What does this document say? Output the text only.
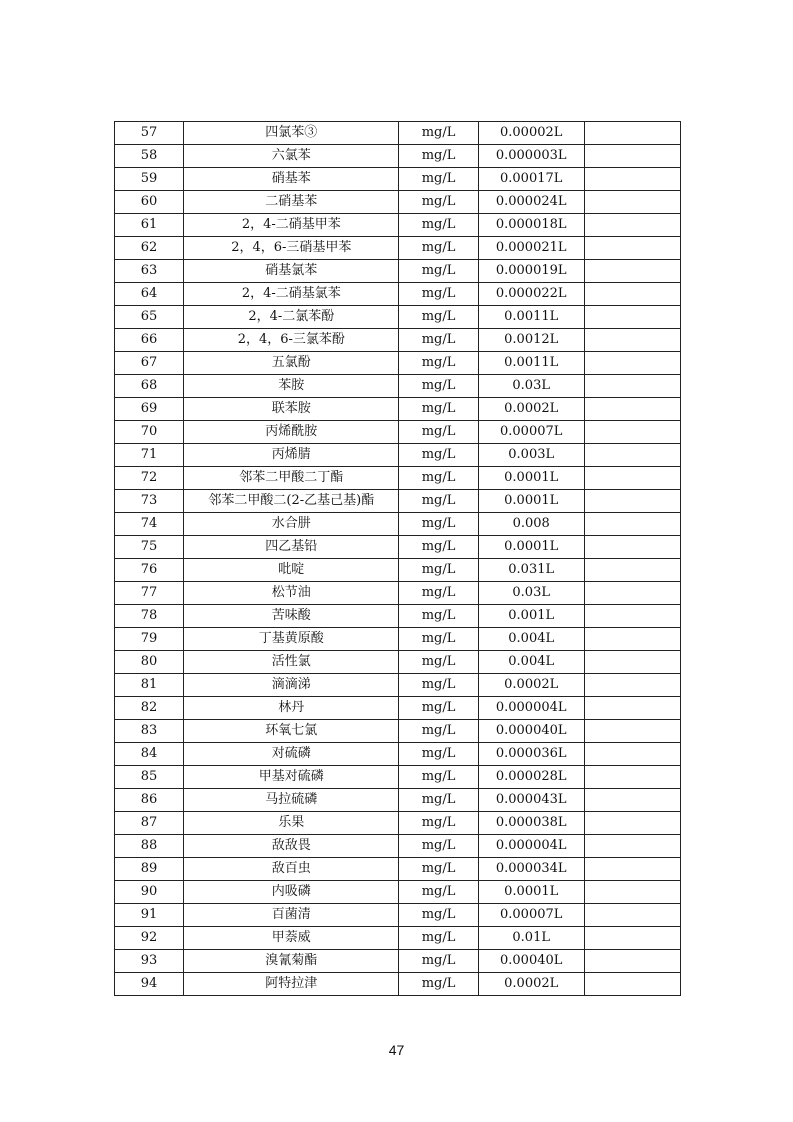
57	四氯苯③	mg/L	0.00002L	
58	六氯苯	mg/L	0.000003L	
59	硝基苯	mg/L	0.00017L	
60	二硝基苯	mg/L	0.000024L	
61	2，4-二硝基甲苯	mg/L	0.000018L	
62	2，4，6-三硝基甲苯	mg/L	0.000021L	
63	硝基氯苯	mg/L	0.000019L	
64	2，4-二硝基氯苯	mg/L	0.000022L	
65	2，4-二氯苯酚	mg/L	0.0011L	
66	2，4，6-三氯苯酚	mg/L	0.0012L	
67	五氯酚	mg/L	0.0011L	
68	苯胺	mg/L	0.03L	
69	联苯胺	mg/L	0.0002L	
70	丙烯酰胺	mg/L	0.00007L	
71	丙烯腈	mg/L	0.003L	
72	邻苯二甲酸二丁酯	mg/L	0.0001L	
73	邻苯二甲酸二(2-乙基己基)酯	mg/L	0.0001L	
74	水合肼	mg/L	0.008	
75	四乙基铅	mg/L	0.0001L	
76	吡啶	mg/L	0.031L	
77	松节油	mg/L	0.03L	
78	苦味酸	mg/L	0.001L	
79	丁基黄原酸	mg/L	0.004L	
80	活性氯	mg/L	0.004L	
81	滴滴涕	mg/L	0.0002L	
82	林丹	mg/L	0.000004L	
83	环氧七氯	mg/L	0.000040L	
84	对硫磷	mg/L	0.000036L	
85	甲基对硫磷	mg/L	0.000028L	
86	马拉硫磷	mg/L	0.000043L	
87	乐果	mg/L	0.000038L	
88	敌敌畏	mg/L	0.000004L	
89	敌百虫	mg/L	0.000034L	
90	内吸磷	mg/L	0.0001L	
91	百菌清	mg/L	0.00007L	
92	甲萘威	mg/L	0.01L	
93	溴氰菊酯	mg/L	0.00040L	
94	阿特拉津	mg/L	0.0002L	
47
